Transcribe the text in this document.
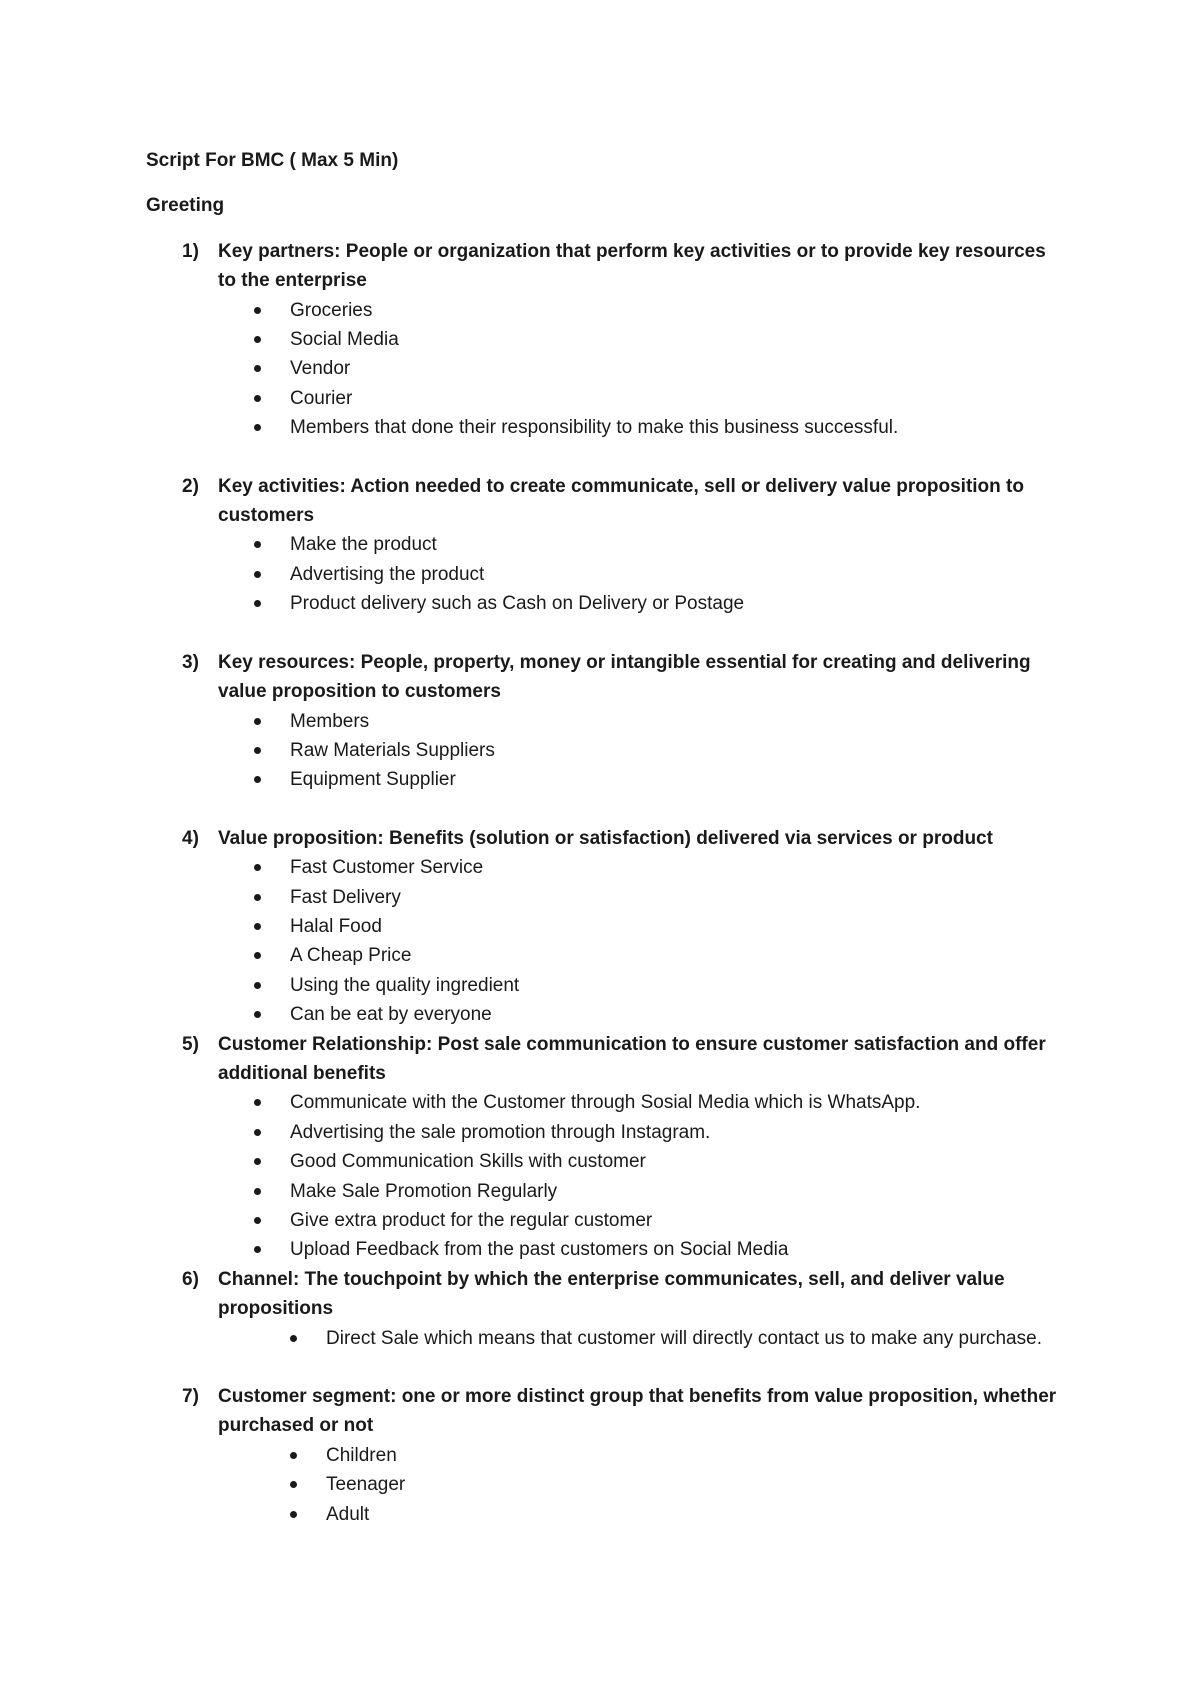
Script For BMC ( Max 5 Min)
Greeting
1) Key partners: People or organization that perform key activities or to provide key resources to the enterprise
Groceries
Social Media
Vendor
Courier
Members that done their responsibility to make this business successful.
2) Key activities: Action needed to create communicate, sell or delivery value proposition to customers
Make the product
Advertising the product
Product delivery such as Cash on Delivery or Postage
3) Key resources: People, property, money or intangible essential for creating and delivering value proposition to customers
Members
Raw Materials Suppliers
Equipment Supplier
4) Value proposition: Benefits (solution or satisfaction) delivered via services or product
Fast Customer Service
Fast Delivery
Halal Food
A Cheap Price
Using the quality ingredient
Can be eat by everyone
5) Customer Relationship: Post sale communication to ensure customer satisfaction and offer additional benefits
Communicate with the Customer through Sosial Media which is WhatsApp.
Advertising the sale promotion through Instagram.
Good Communication Skills with customer
Make Sale Promotion Regularly
Give extra product for the regular customer
Upload Feedback from the past customers on Social Media
6) Channel: The touchpoint by which the enterprise communicates, sell, and deliver value propositions
Direct Sale which means that customer will directly contact us to make any purchase.
7) Customer segment: one or more distinct group that benefits from value proposition, whether purchased or not
Children
Teenager
Adult
